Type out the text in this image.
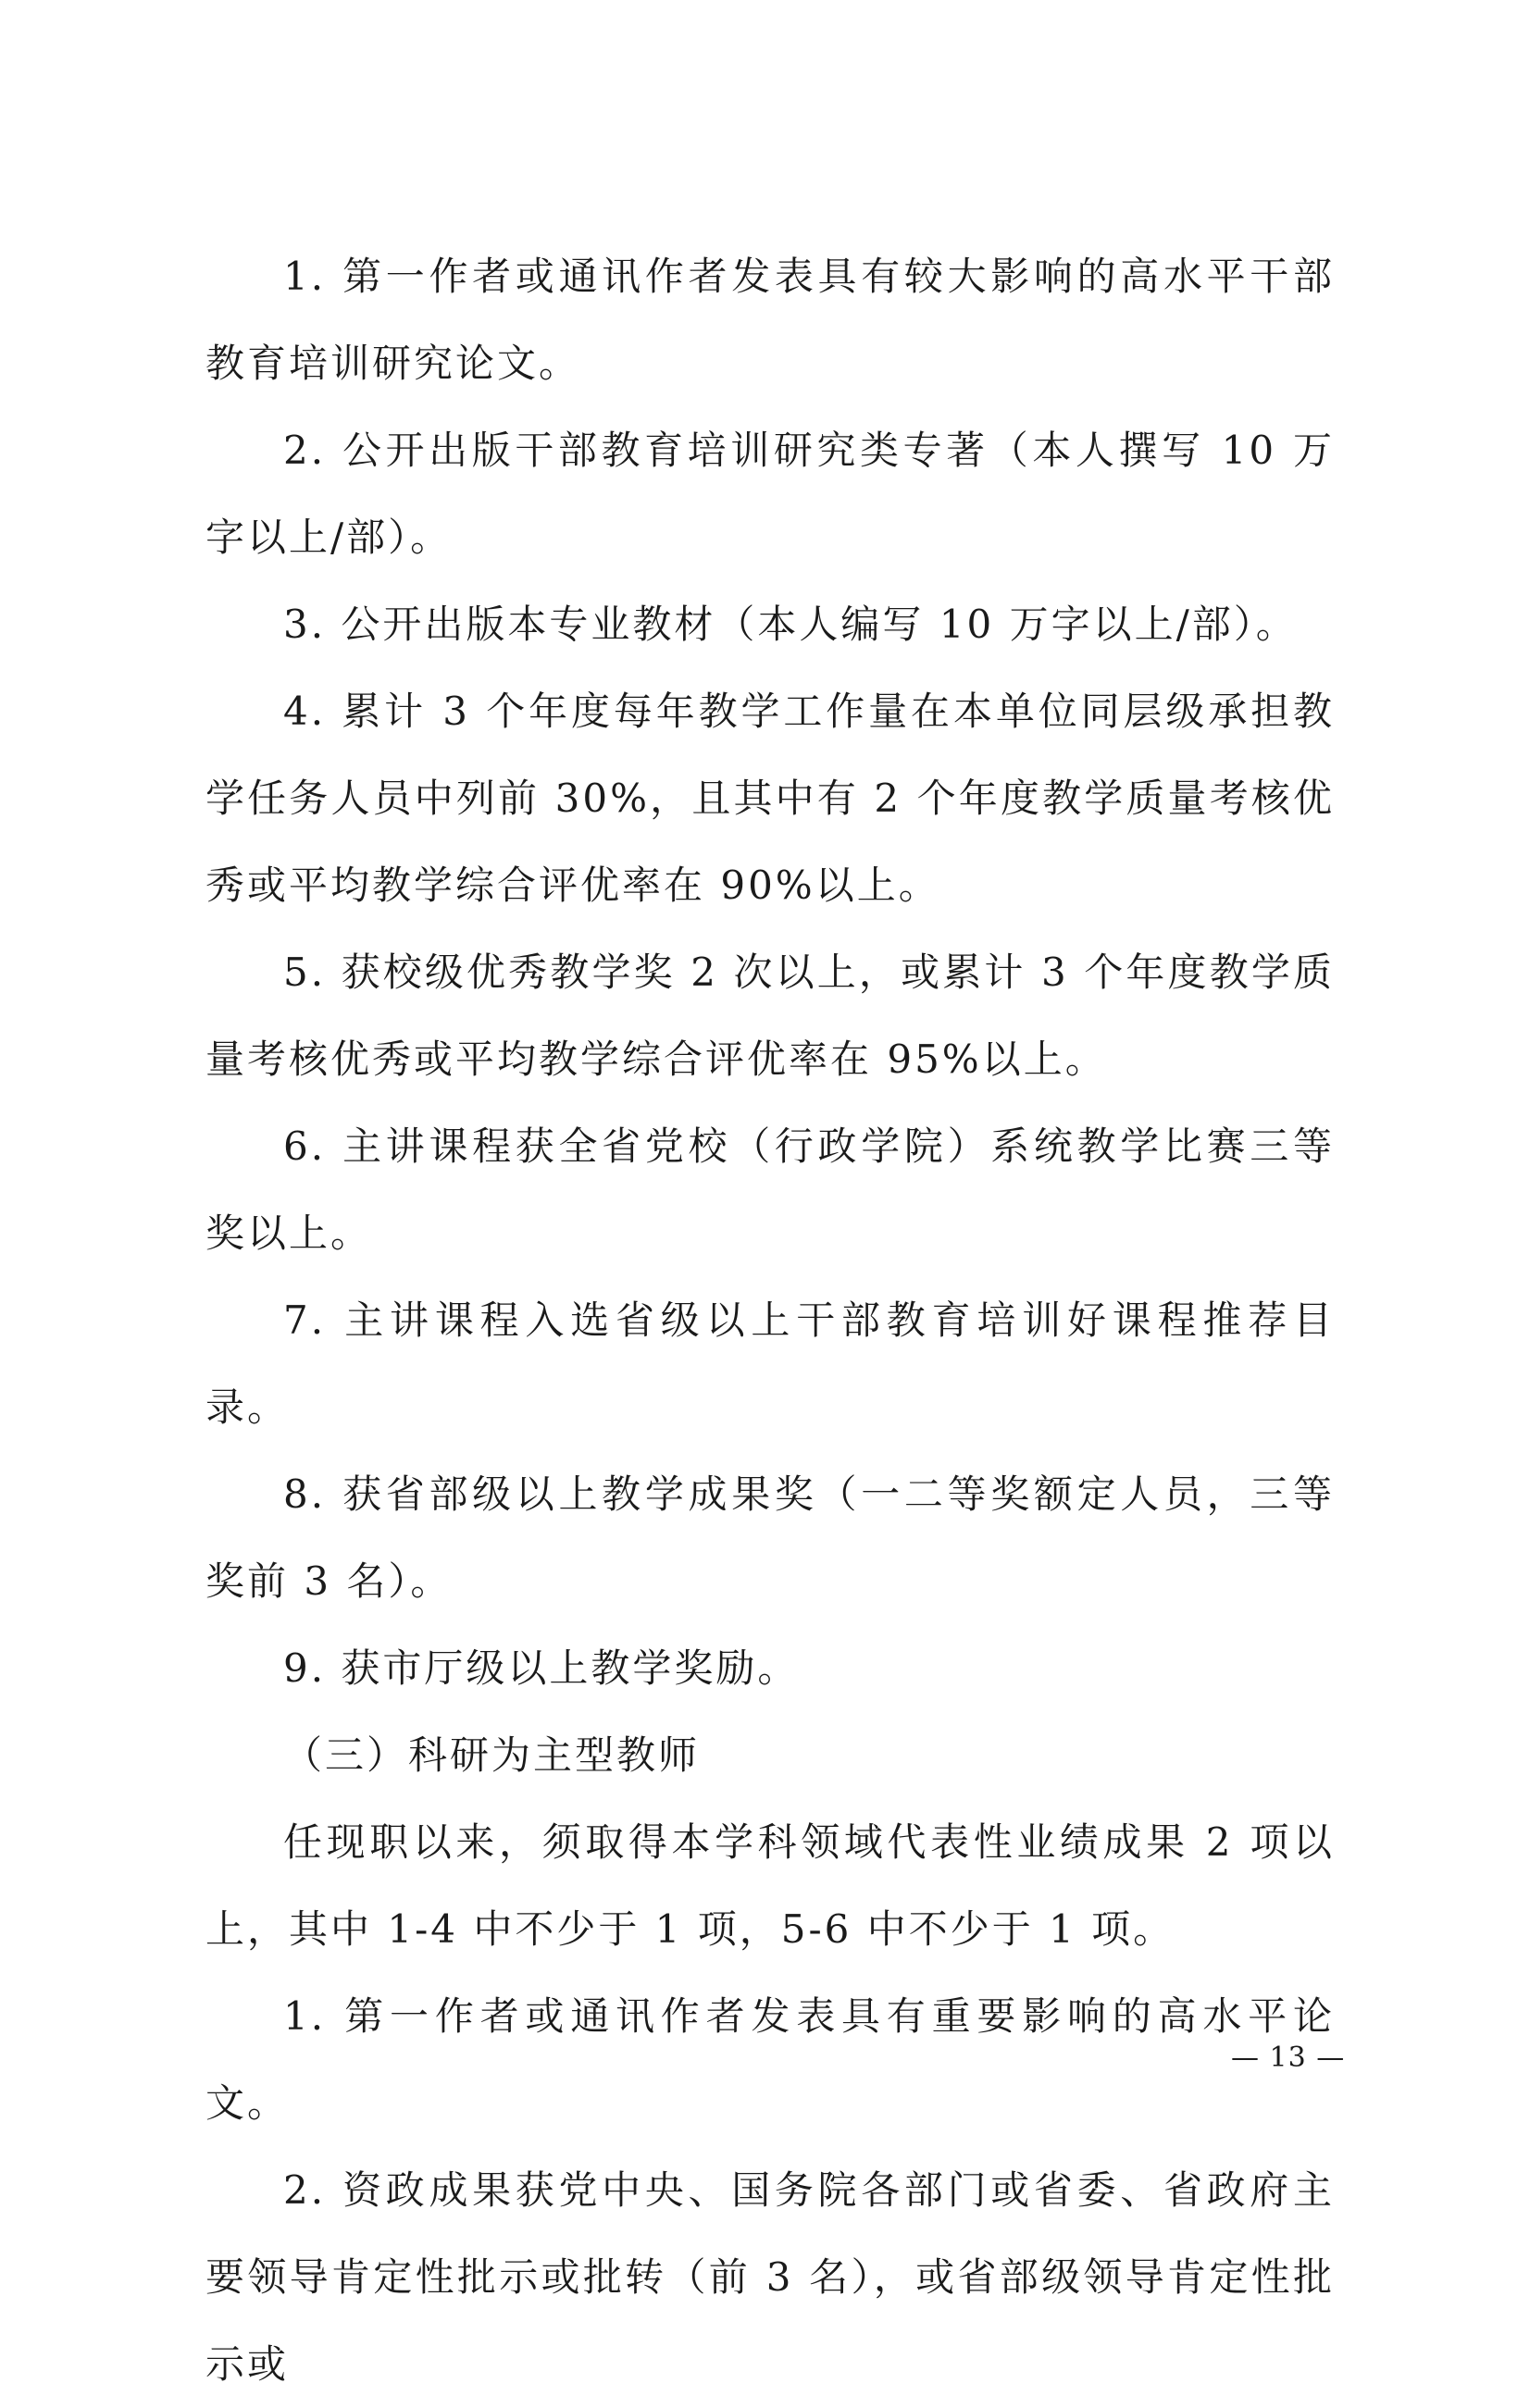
1. 第一作者或通讯作者发表具有较大影响的高水平干部教育培训研究论文。

2. 公开出版干部教育培训研究类专著（本人撰写 10 万字以上/部）。

3. 公开出版本专业教材（本人编写 10 万字以上/部）。

4. 累计 3 个年度每年教学工作量在本单位同层级承担教学任务人员中列前 30%，且其中有 2 个年度教学质量考核优秀或平均教学综合评优率在 90%以上。

5. 获校级优秀教学奖 2 次以上，或累计 3 个年度教学质量考核优秀或平均教学综合评优率在 95%以上。

6. 主讲课程获全省党校（行政学院）系统教学比赛三等奖以上。

7. 主讲课程入选省级以上干部教育培训好课程推荐目录。

8. 获省部级以上教学成果奖（一二等奖额定人员，三等奖前 3 名）。

9. 获市厅级以上教学奖励。

（三）科研为主型教师

任现职以来，须取得本学科领域代表性业绩成果 2 项以上，其中 1-4 中不少于 1 项，5-6 中不少于 1 项。

1. 第一作者或通讯作者发表具有重要影响的高水平论文。

2. 资政成果获党中央、国务院各部门或省委、省政府主要领导肯定性批示或批转（前 3 名），或省部级领导肯定性批示或

— 13 —
